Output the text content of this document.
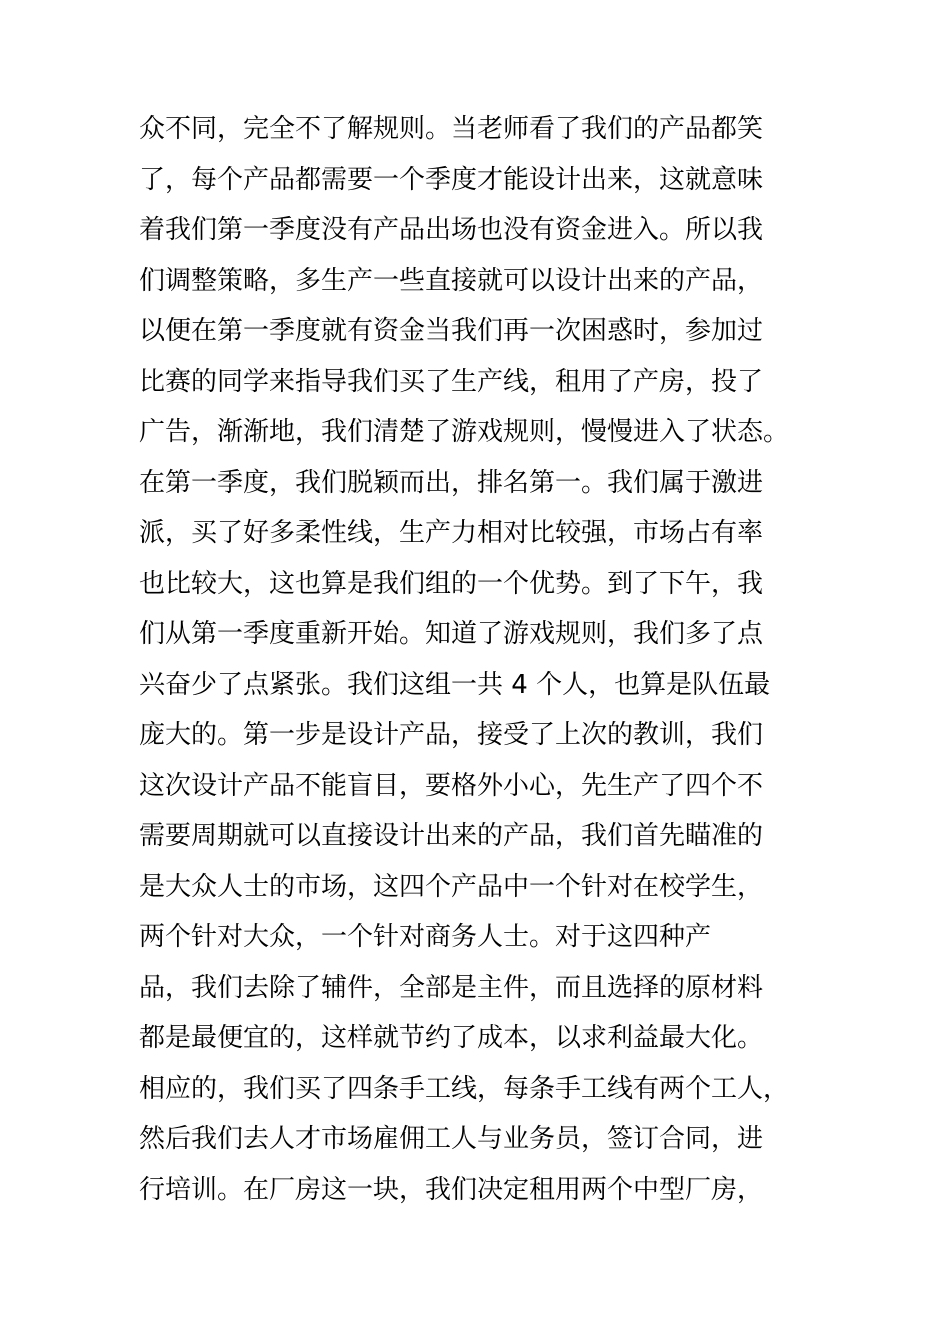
众不同，完全不了解规则。当老师看了我们的产品都笑
了，每个产品都需要一个季度才能设计出来，这就意味
着我们第一季度没有产品出场也没有资金进入。所以我
们调整策略，多生产一些直接就可以设计出来的产品，
以便在第一季度就有资金当我们再一次困惑时，参加过
比赛的同学来指导我们买了生产线，租用了产房，投了
广告，渐渐地，我们清楚了游戏规则，慢慢进入了状态。
在第一季度，我们脱颖而出，排名第一。我们属于激进
派，买了好多柔性线，生产力相对比较强，市场占有率
也比较大，这也算是我们组的一个优势。到了下午，我
们从第一季度重新开始。知道了游戏规则，我们多了点
兴奋少了点紧张。我们这组一共 4 个人，也算是队伍最
庞大的。第一步是设计产品，接受了上次的教训，我们
这次设计产品不能盲目，要格外小心，先生产了四个不
需要周期就可以直接设计出来的产品，我们首先瞄准的
是大众人士的市场，这四个产品中一个针对在校学生，
两个针对大众，一个针对商务人士。对于这四种产
品，我们去除了辅件，全部是主件，而且选择的原材料
都是最便宜的，这样就节约了成本，以求利益最大化。
相应的，我们买了四条手工线，每条手工线有两个工人，
然后我们去人才市场雇佣工人与业务员，签订合同，进
行培训。在厂房这一块，我们决定租用两个中型厂房，
